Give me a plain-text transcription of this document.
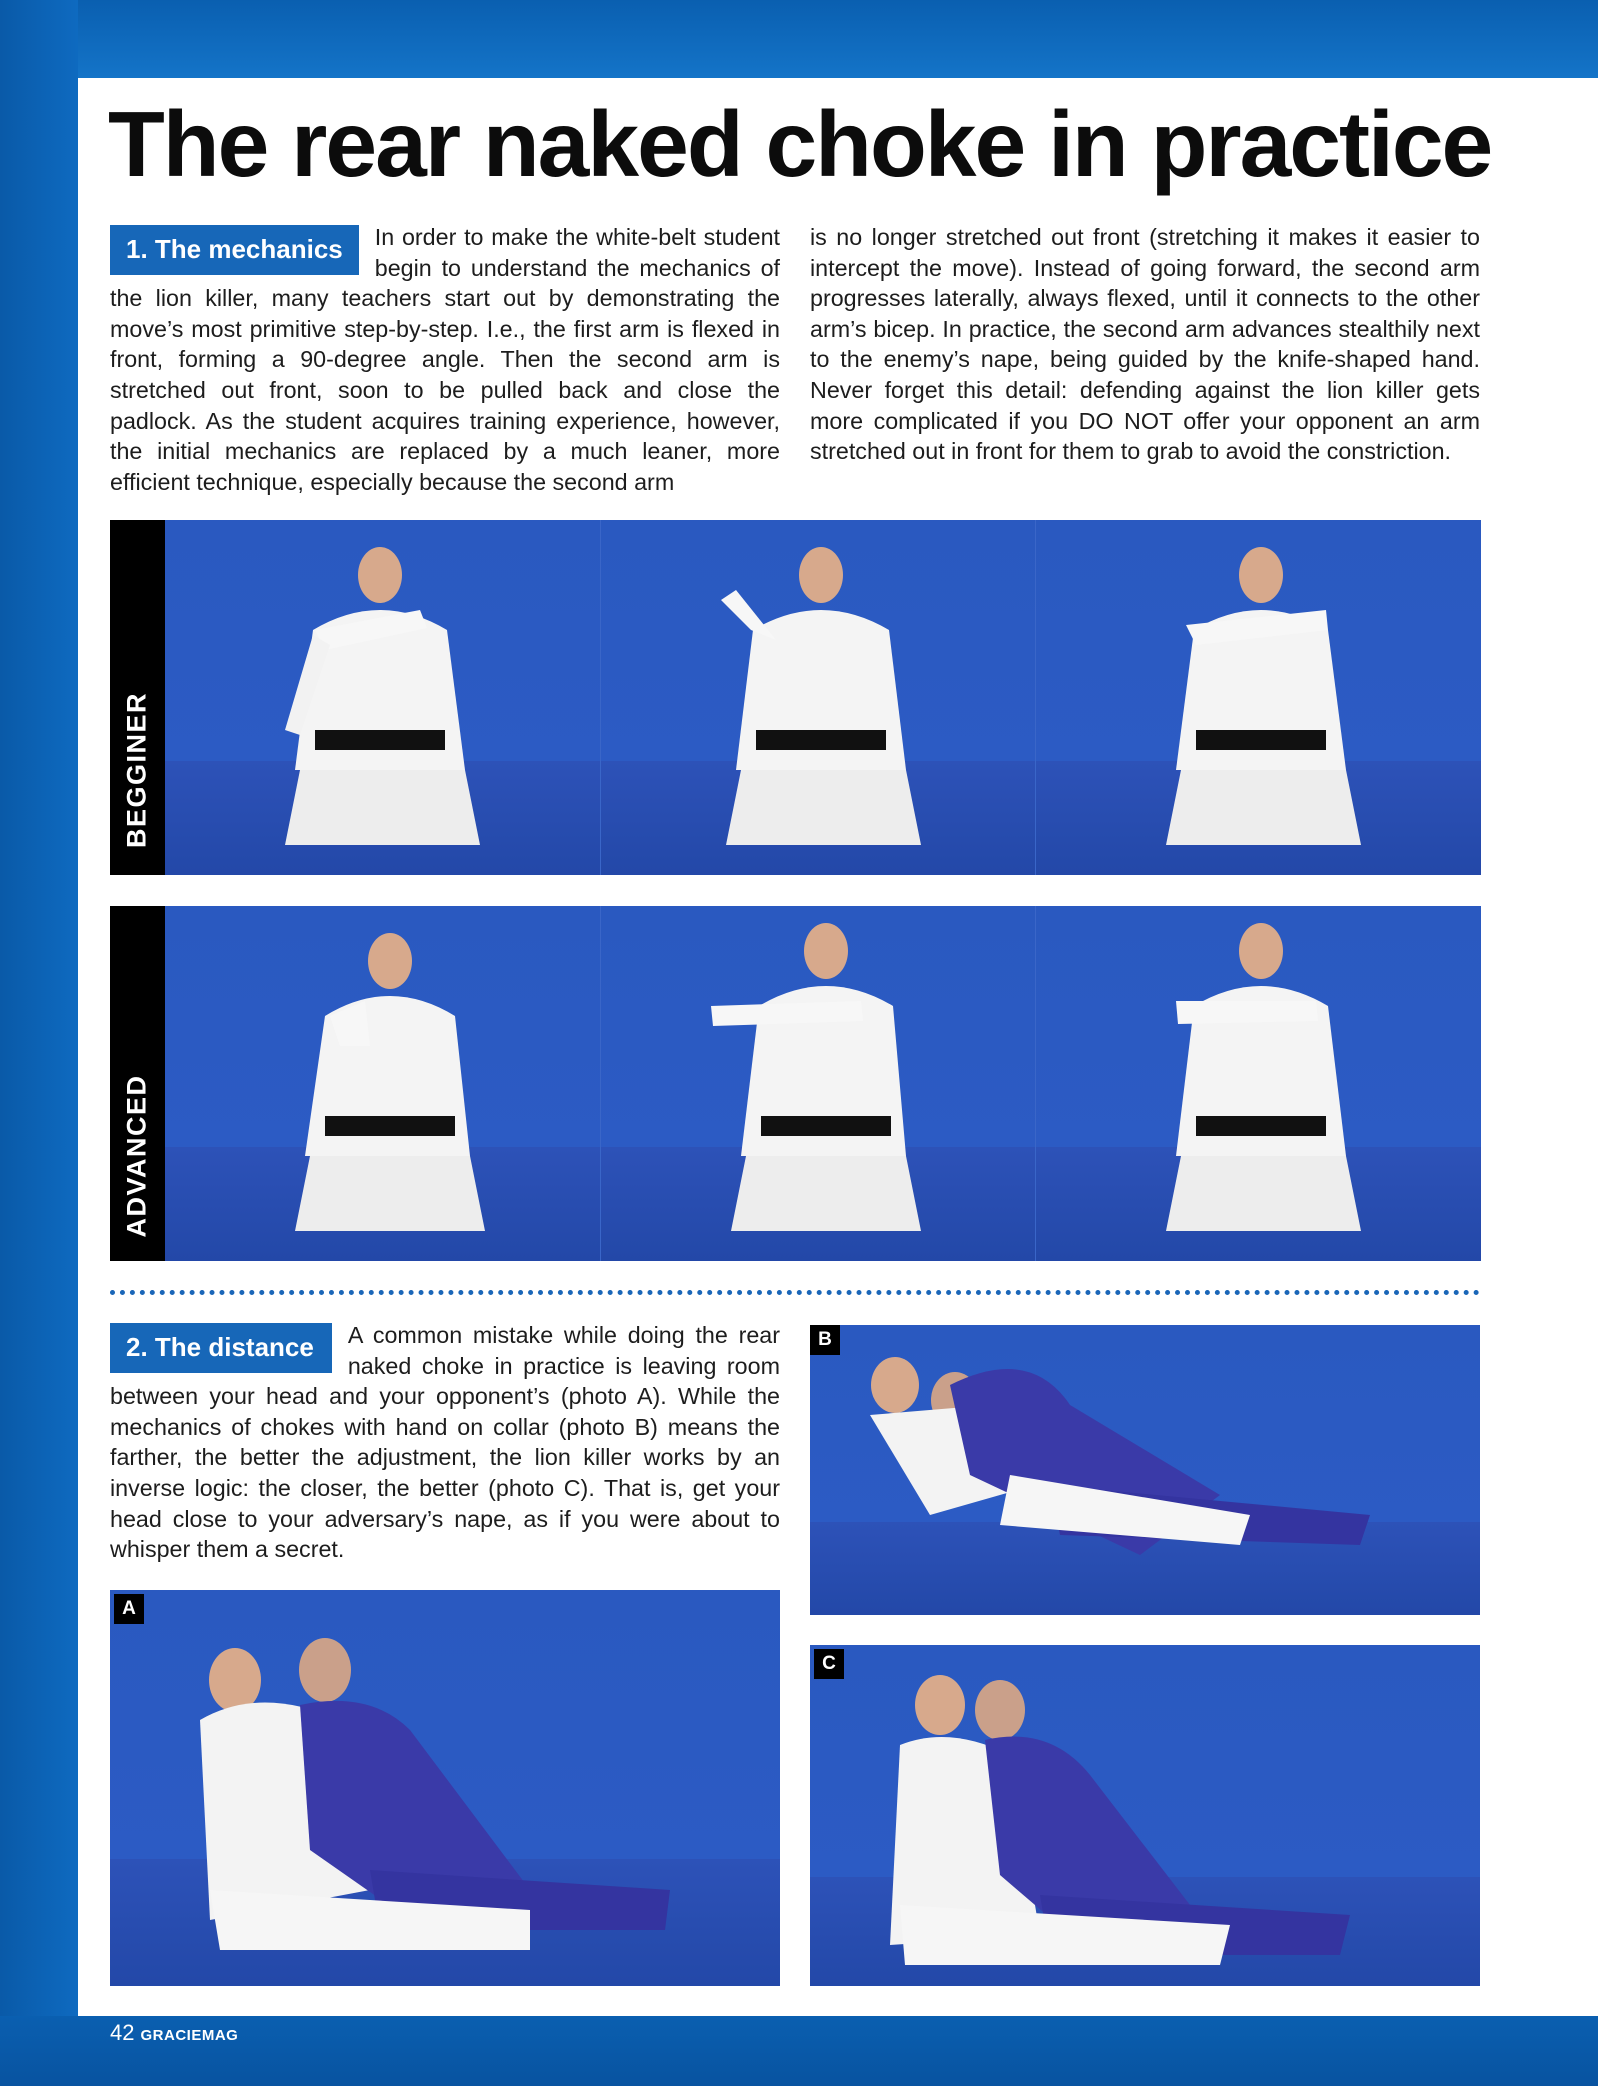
The rear naked choke in practice

1. The mechanics	In order to make the white-belt student begin to understand the mechanics of the lion killer, many teachers start out by demonstrating the move’s most primitive step-by-step. I.e., the first arm is flexed in front, forming a 90-degree angle. Then the second arm is stretched out front, soon to be pulled back and close the padlock. As the student acquires training experience, however, the initial mechanics are replaced by a much leaner, more efficient technique, especially because the second arm

is no longer stretched out front (stretching it makes it easier to intercept the move). Instead of going forward, the second arm progresses laterally, always flexed, until it connects to the other arm’s bicep. In practice, the second arm advances stealthily next to the enemy’s nape, being guided by the knife-shaped hand. Never forget this detail: defending against the lion killer gets more complicated if you DO NOT offer your opponent an arm stretched out in front for them to grab to avoid the constriction.

BEGGINER
ADVANCED

2. The distance	A common mistake while doing the rear naked choke in practice is leaving room between your head and your opponent’s (photo A). While the mechanics of chokes with hand on collar (photo B) means the farther, the better the adjustment, the lion killer works by an inverse logic: the closer, the better (photo C). That is, get your head close to your adversary’s nape, as if you were about to whisper them a secret.

A
B
C
42 GRACIEMAG
